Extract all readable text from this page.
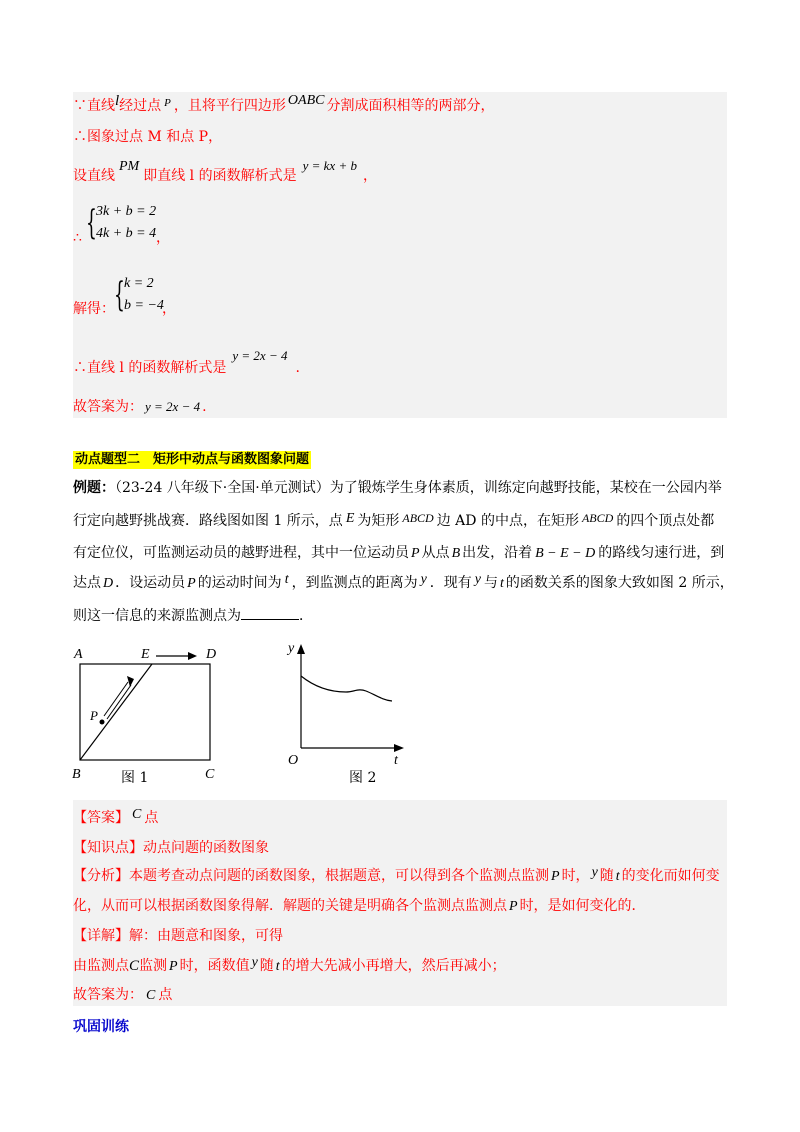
∵直线l经过点 $^P$ ，且将平行四边形 OABC 分割成面积相等的两部分，
∴图象过点 M 和点 P，
设直线PM即直线 l 的函数解析式是y = kx + b，
∴ { 3k + b = 2
4k + b = 4 ，
解得： { k = 2
b = −4
，
∴直线 l 的函数解析式是y = 2x − 4.
故答案为： y = 2x − 4 .
动点题型二　矩形中动点与函数图象问题
例题：（23-24 八年级下·全国·单元测试）为了锻炼学生身体素质，训练定向越野技能，某校在一公园内举
行定向越野挑战赛．路线图如图 1 所示，点 E 为矩形 ABCD 边 AD 的中点，在矩形 ABCD 的四个顶点处都
有定位仪，可监测运动员的越野进程，其中一位运动员 P 从点 B 出发，沿着 B − E − D 的路线匀速行进，到
达点 D ．设运动员 P 的运动时间为 t ，到监测点的距离为 y ．现有 y 与 t 的函数关系的图象大致如图 2 所示，
则这一信息的来源监测点为	．
A	E	D
B	C
P
图 1
y
O	t
图 2
【答案】 C 点
【知识点】动点问题的函数图象
【分析】本题考查动点问题的函数图象，根据题意，可以得到各个监测点监测 P 时， y 随 t 的变化而如何变
化，从而可以根据函数图象得解．解题的关键是明确各个监测点监测点 P 时，是如何变化的．
【详解】解：由题意和图象，可得
由监测点C监测 P 时，函数值 y 随 t 的增大先减小再增大，然后再减小；
故答案为： C 点
巩固训练
